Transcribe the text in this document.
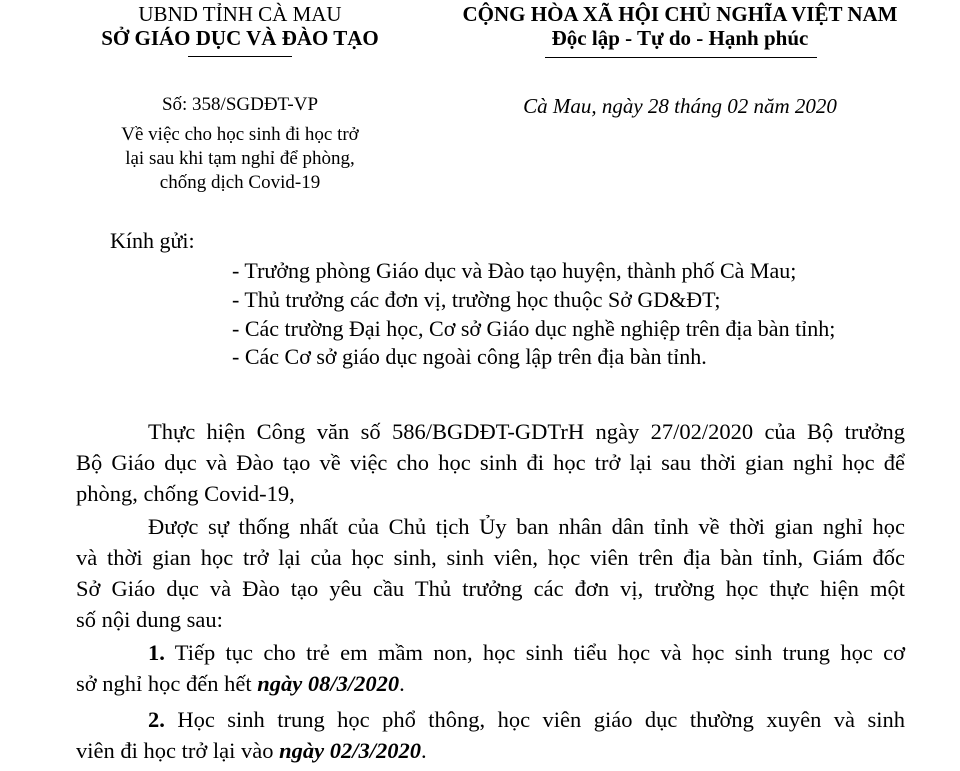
UBND TỈNH CÀ MAU
SỞ GIÁO DỤC VÀ ĐÀO TẠO
Số: 358/SGDĐT-VP
Về việc cho học sinh đi học trở
lại sau khi tạm nghỉ để phòng,
chống dịch Covid-19
CỘNG HÒA XÃ HỘI CHỦ NGHĨA VIỆT NAM
Độc lập - Tự do - Hạnh phúc
Cà Mau, ngày 28 tháng 02 năm 2020
Kính gửi:
- Trưởng phòng Giáo dục và Đào tạo huyện, thành phố Cà Mau;
- Thủ trưởng các đơn vị, trường học thuộc Sở GD&ĐT;
- Các trường Đại học, Cơ sở Giáo dục nghề nghiệp trên địa bàn tỉnh;
- Các Cơ sở giáo dục ngoài công lập trên địa bàn tỉnh.
Thực hiện Công văn số 586/BGDĐT-GDTrH ngày 27/02/2020 của Bộ trưởng
Bộ Giáo dục và Đào tạo về việc cho học sinh đi học trở lại sau thời gian nghỉ học để
phòng, chống Covid-19,
Được sự thống nhất của Chủ tịch Ủy ban nhân dân tỉnh về thời gian nghỉ học
và thời gian học trở lại của học sinh, sinh viên, học viên trên địa bàn tỉnh, Giám đốc
Sở Giáo dục và Đào tạo yêu cầu Thủ trưởng các đơn vị, trường học thực hiện một
số nội dung sau:
1. Tiếp tục cho trẻ em mầm non, học sinh tiểu học và học sinh trung học cơ
sở nghỉ học đến hết ngày 08/3/2020.
2. Học sinh trung học phổ thông, học viên giáo dục thường xuyên và sinh
viên đi học trở lại vào ngày 02/3/2020.
